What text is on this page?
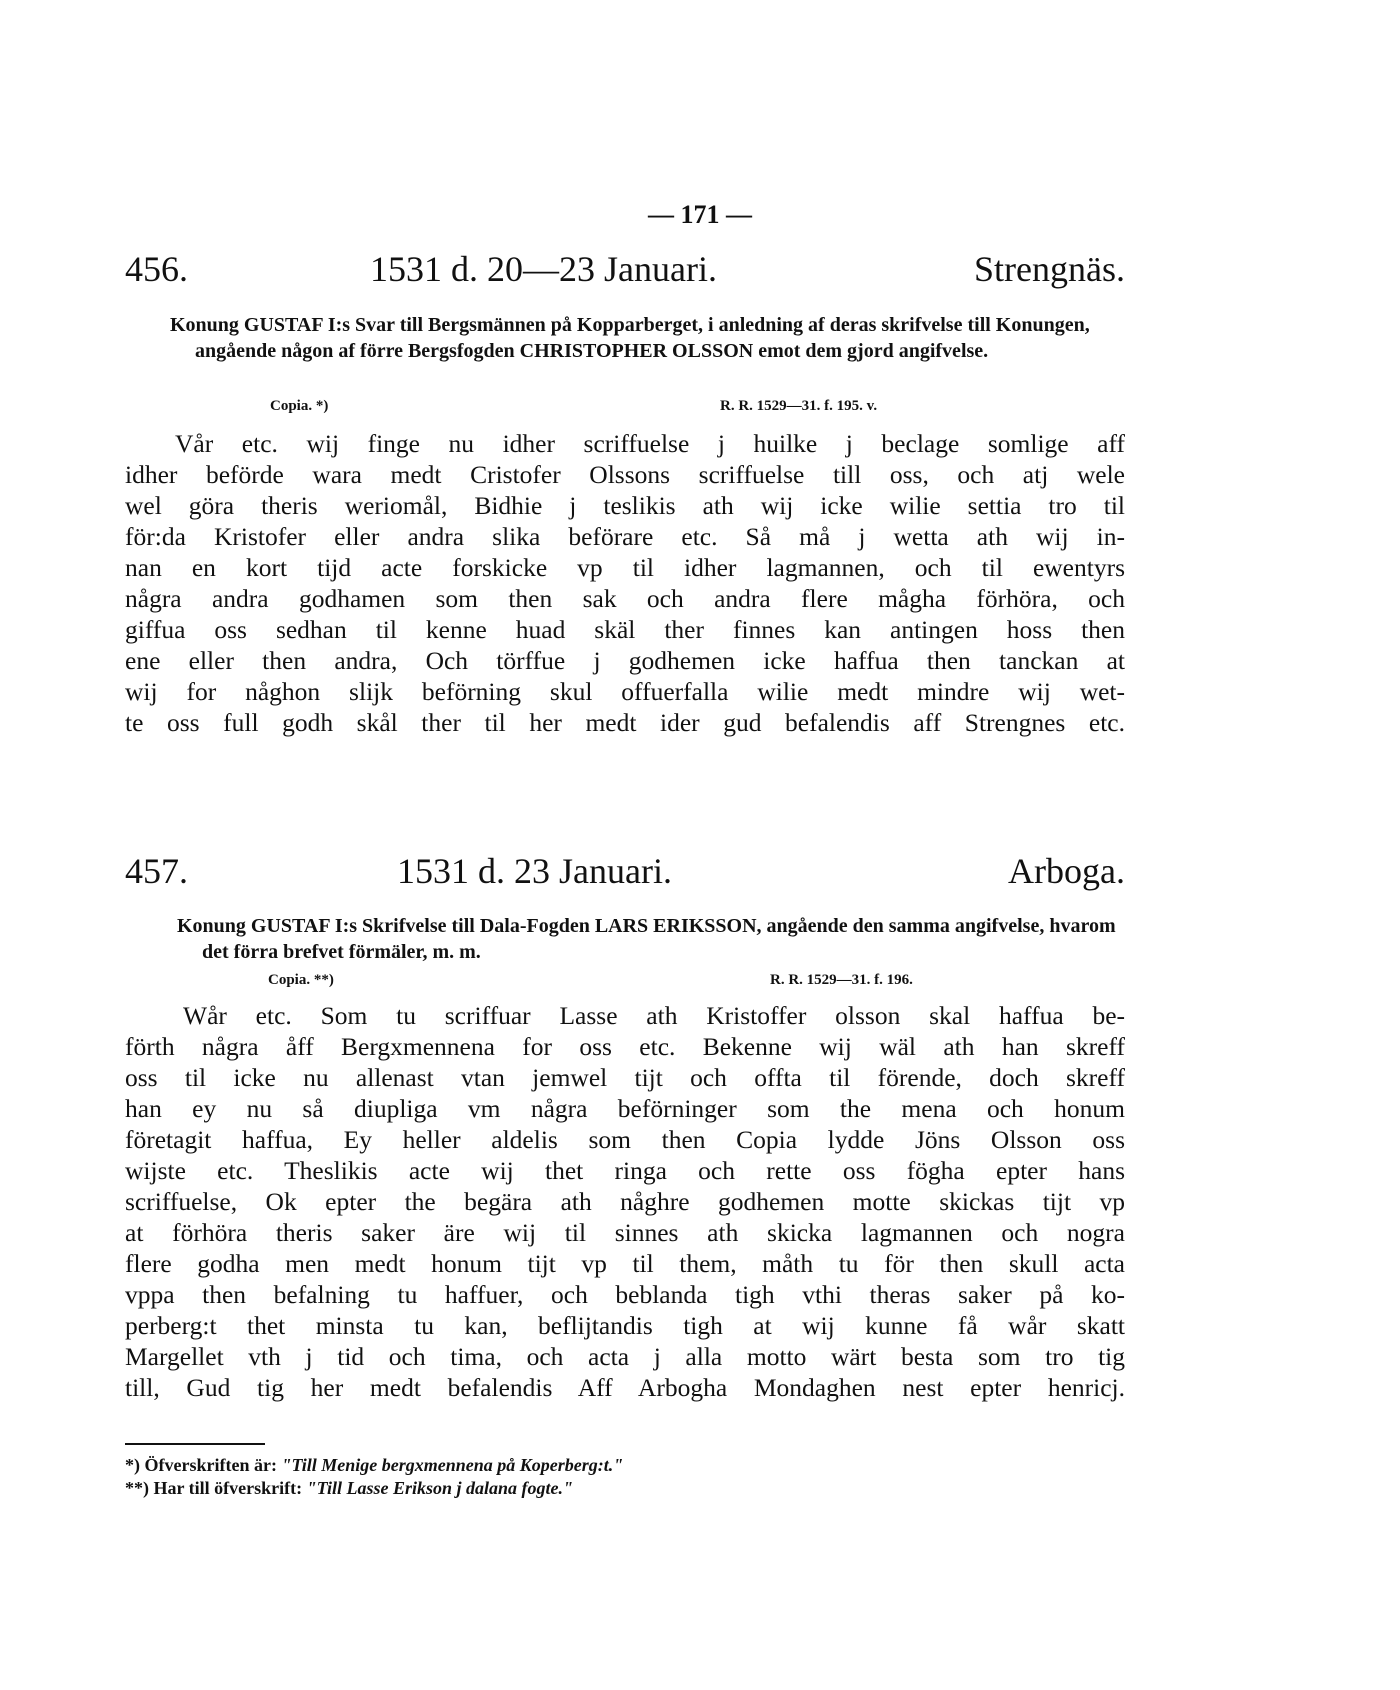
— 171 —
456.	1531 d. 20—23 Januari.	Strengnäs.
Konung GUSTAF I:s Svar till Bergsmännen på Kopparberget, i anledning af deras skrifvelse till Konungen, angående någon af förre Bergsfogden CHRISTOPHER OLSSON emot dem gjord angifvelse.
Copia. *)	R. R. 1529—31. f. 195. v.
Vår etc. wij finge nu idher scriffuelse j huilke j beclage somlige aff
idher beförde wara medt Cristofer Olssons scriffuelse till oss, och atj wele
wel göra theris weriomål, Bidhie j teslikis ath wij icke wilie settia tro til
för:da Kristofer eller andra slika beförare etc. Så må j wetta ath wij in-
nan en kort tijd acte forskicke vp til idher lagmannen, och til ewentyrs
några andra godhamen som then sak och andra flere mågha förhöra, och
giffua oss sedhan til kenne huad skäl ther finnes kan antingen hoss then
ene eller then andra, Och törffue j godhemen icke haffua then tanckan at
wij for någhon slijk beförning skul offuerfalla wilie medt mindre wij wet-
te oss full godh skål ther til her medt ider gud befalendis aff Strengnes etc.
457.	1531 d. 23 Januari.	Arboga.
Konung GUSTAF I:s Skrifvelse till Dala-Fogden LARS ERIKSSON, angående den samma angifvelse, hvarom det förra brefvet förmäler, m. m.
Copia. **)	R. R. 1529—31. f. 196.
Wår etc. Som tu scriffuar Lasse ath Kristoffer olsson skal haffua be-
förth några åff Bergxmennena for oss etc. Bekenne wij wäl ath han skreff
oss til icke nu allenast vtan jemwel tijt och offta til förende, doch skreff
han ey nu så diupliga vm några beförninger som the mena och honum
företagit haffua, Ey heller aldelis som then Copia lydde Jöns Olsson oss
wijste etc. Theslikis acte wij thet ringa och rette oss fögha epter hans
scriffuelse, Ok epter the begära ath någhre godhemen motte skickas tijt vp
at förhöra theris saker äre wij til sinnes ath skicka lagmannen och nogra
flere godha men medt honum tijt vp til them, måth tu för then skull acta
vppa then befalning tu haffuer, och beblanda tigh vthi theras saker på ko-
perberg:t thet minsta tu kan, beflijtandis tigh at wij kunne få wår skatt
Margellet vth j tid och tima, och acta j alla motto wärt besta som tro tig
till, Gud tig her medt befalendis Aff Arbogha Mondaghen nest epter henricj.
*) Öfverskriften är: "Till Menige bergxmennena på Koperberg:t."
**) Har till öfverskrift: "Till Lasse Erikson j dalana fogte."
